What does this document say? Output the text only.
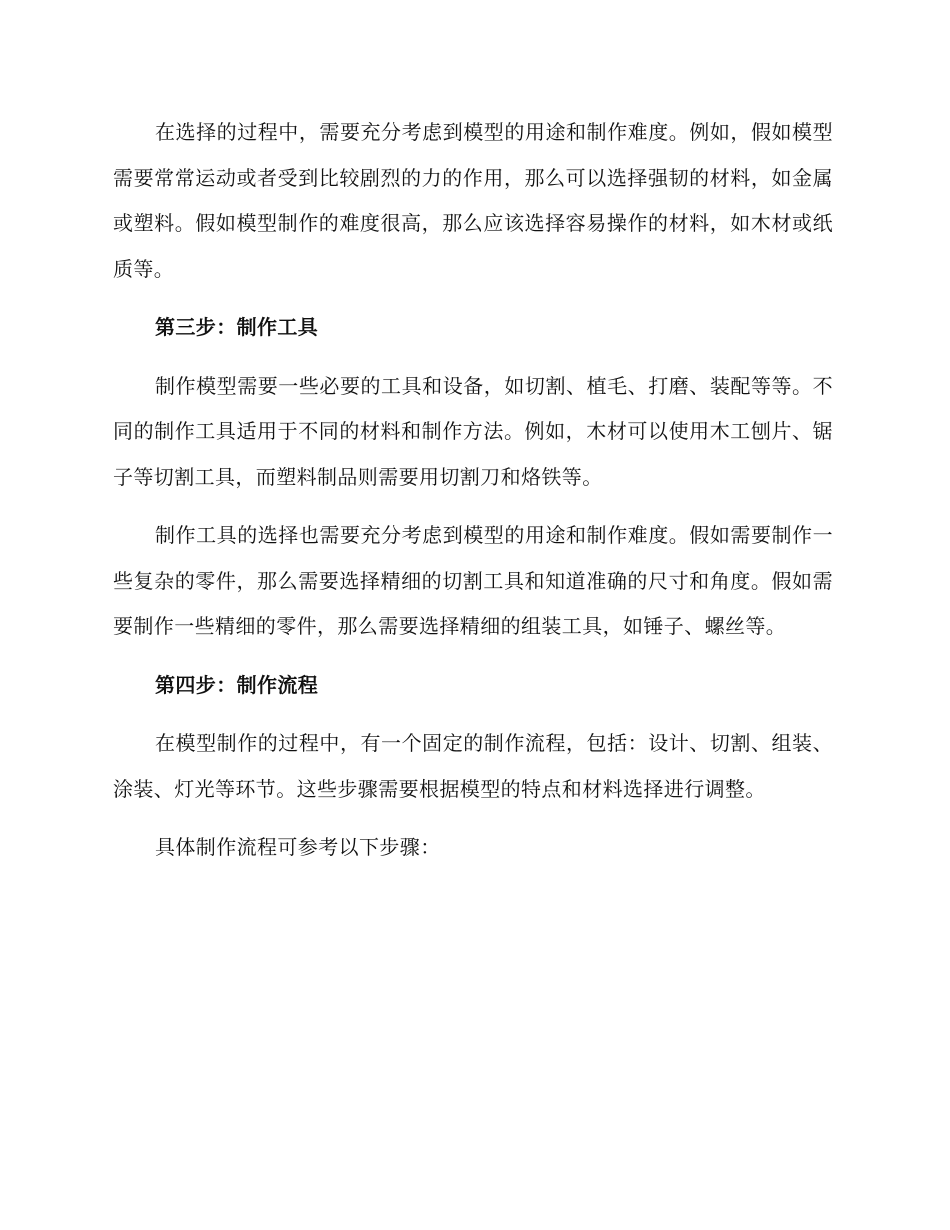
在选择的过程中，需要充分考虑到模型的用途和制作难度。例如，假如模型需要常常运动或者受到比较剧烈的力的作用，那么可以选择强韧的材料，如金属或塑料。假如模型制作的难度很高，那么应该选择容易操作的材料，如木材或纸质等。

第三步：制作工具

制作模型需要一些必要的工具和设备，如切割、植毛、打磨、装配等等。不同的制作工具适用于不同的材料和制作方法。例如，木材可以使用木工刨片、锯子等切割工具，而塑料制品则需要用切割刀和烙铁等。

制作工具的选择也需要充分考虑到模型的用途和制作难度。假如需要制作一些复杂的零件，那么需要选择精细的切割工具和知道准确的尺寸和角度。假如需要制作一些精细的零件，那么需要选择精细的组装工具，如锤子、螺丝等。

第四步：制作流程

在模型制作的过程中，有一个固定的制作流程，包括：设计、切割、组装、涂装、灯光等环节。这些步骤需要根据模型的特点和材料选择进行调整。

具体制作流程可参考以下步骤：
